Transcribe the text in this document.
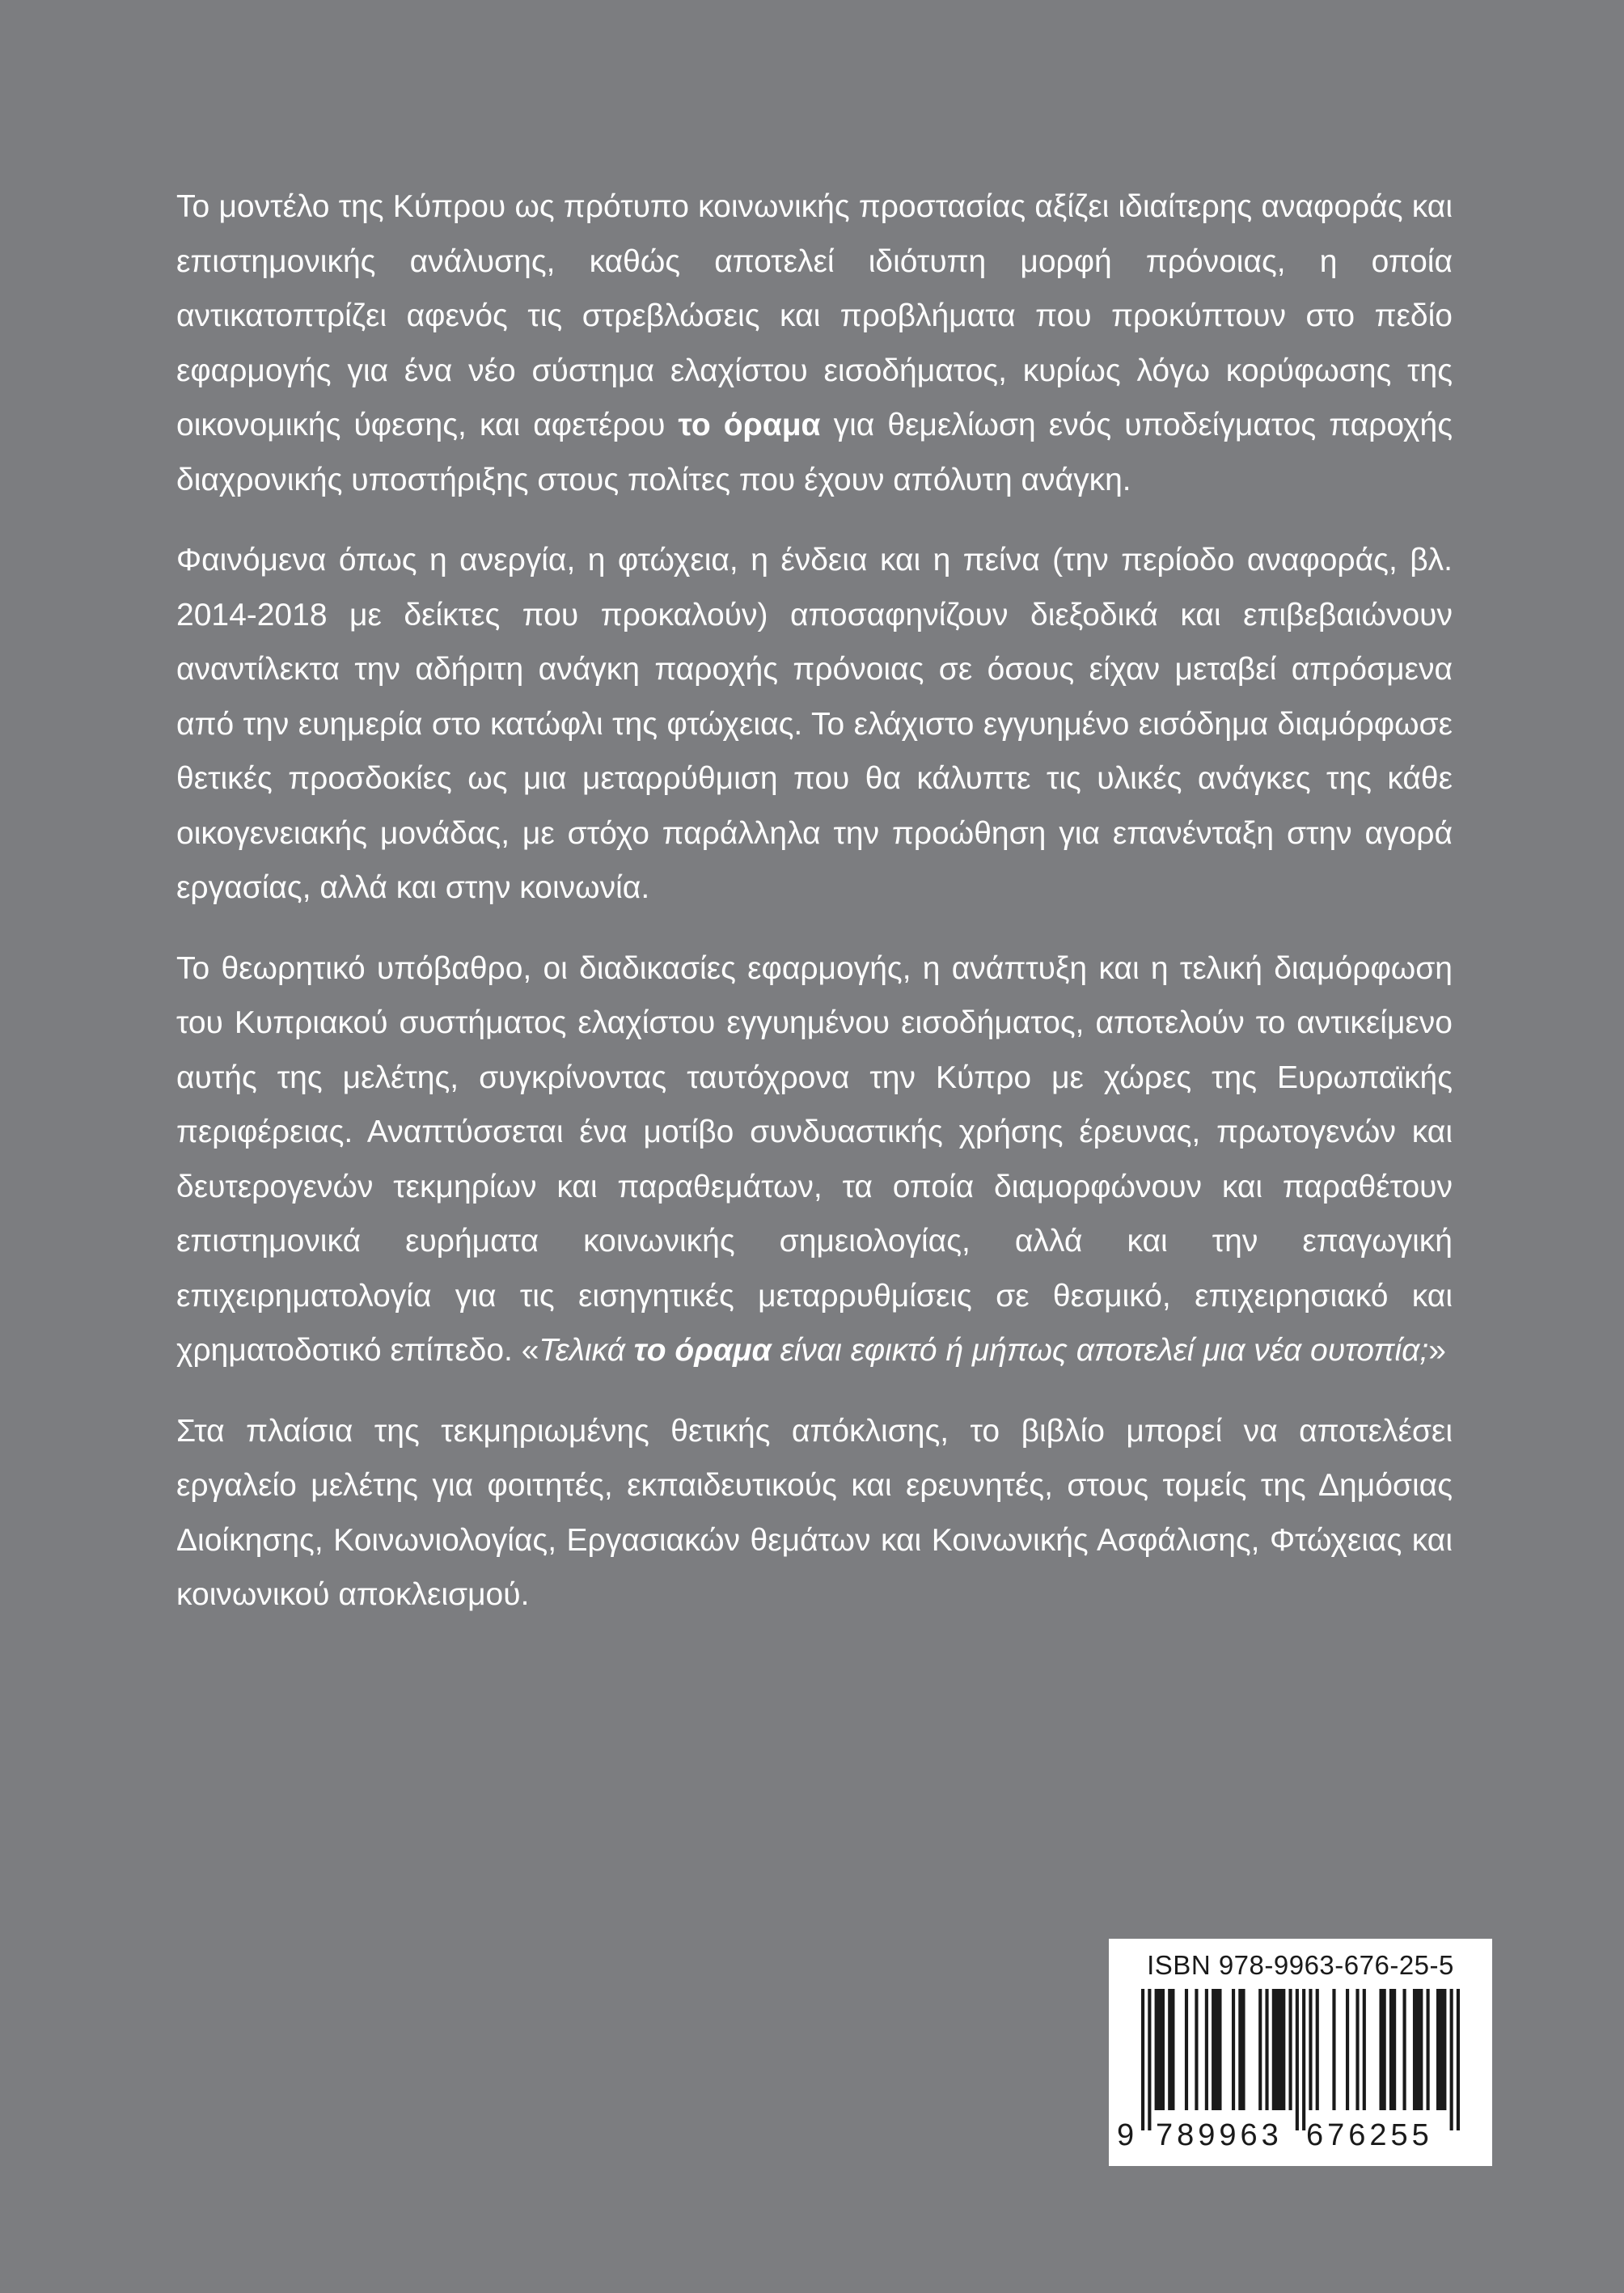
Το μοντέλο της Κύπρου ως πρότυπο κοινωνικής προστασίας αξίζει ιδιαίτερης αναφοράς και επιστημονικής ανάλυσης, καθώς αποτελεί ιδιότυπη μορφή πρόνοιας, η οποία αντικατοπτρίζει αφενός τις στρεβλώσεις και προβλήματα που προκύπτουν στο πεδίο εφαρμογής για ένα νέο σύστημα ελαχίστου εισοδήματος, κυρίως λόγω κορύφωσης της οικονομικής ύφεσης, και αφετέρου το όραμα για θεμελίωση ενός υποδείγματος παροχής διαχρονικής υποστήριξης στους πολίτες που έχουν απόλυτη ανάγκη.

Φαινόμενα όπως η ανεργία, η φτώχεια, η ένδεια και η πείνα (την περίοδο αναφοράς, βλ. 2014-2018 με δείκτες που προκαλούν) αποσαφηνίζουν διεξοδικά και επιβεβαιώνουν αναντίλεκτα την αδήριτη ανάγκη παροχής πρόνοιας σε όσους είχαν μεταβεί απρόσμενα από την ευημερία στο κατώφλι της φτώχειας. Το ελάχιστο εγγυημένο εισόδημα διαμόρφωσε θετικές προσδοκίες ως μια μεταρρύθμιση που θα κάλυπτε τις υλικές ανάγκες της κάθε οικογενειακής μονάδας, με στόχο παράλληλα την προώθηση για επανένταξη στην αγορά εργασίας, αλλά και στην κοινωνία.

Το θεωρητικό υπόβαθρο, οι διαδικασίες εφαρμογής, η ανάπτυξη και η τελική διαμόρφωση του Κυπριακού συστήματος ελαχίστου εγγυημένου εισοδήματος, αποτελούν το αντικείμενο αυτής της μελέτης, συγκρίνοντας ταυτόχρονα την Κύπρο με χώρες της Ευρωπαϊκής περιφέρειας. Αναπτύσσεται ένα μοτίβο συνδυαστικής χρήσης έρευνας, πρωτογενών και δευτερογενών τεκμηρίων και παραθεμάτων, τα οποία διαμορφώνουν και παραθέτουν επιστημονικά ευρήματα κοινωνικής σημειολογίας, αλλά και την επαγωγική επιχειρηματολογία για τις εισηγητικές μεταρρυθμίσεις σε θεσμικό, επιχειρησιακό και χρηματοδοτικό επίπεδο. «Τελικά το όραμα είναι εφικτό ή μήπως αποτελεί μια νέα ουτοπία;»

Στα πλαίσια της τεκμηριωμένης θετικής απόκλισης, το βιβλίο μπορεί να αποτελέσει εργαλείο μελέτης για φοιτητές, εκπαιδευτικούς και ερευνητές, στους τομείς της Δημόσιας Διοίκησης, Κοινωνιολογίας, Εργασιακών θεμάτων και Κοινωνικής Ασφάλισης, Φτώχειας και κοινωνικού αποκλεισμού.

ISBN 978-9963-676-25-5
9 789963 676255
